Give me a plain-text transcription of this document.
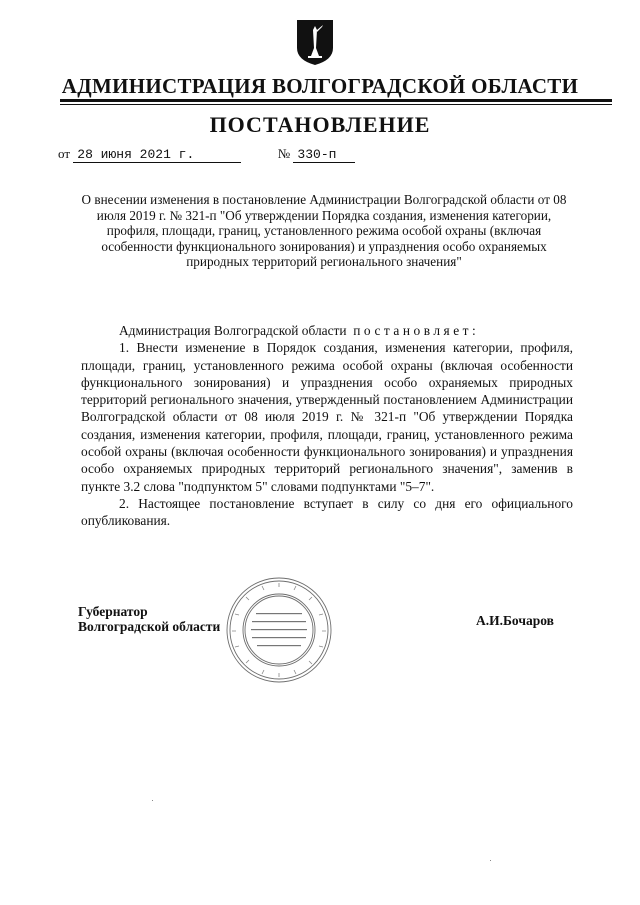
АДМИНИСТРАЦИЯ ВОЛГОГРАДСКОЙ ОБЛАСТИ
ПОСТАНОВЛЕНИЕ
от 28 июня 2021 г.	№ 330-п
О внесении изменения в постановление Администрации Волгоградской области от 08 июля 2019 г. № 321-п "Об утверждении Порядка создания, изменения категории, профиля, площади, границ, установленного режима особой охраны (включая особенности функционального зонирования) и упразднения особо охраняемых природных территорий регионального значения"

Администрация Волгоградской области постановляет:

1. Внести изменение в Порядок создания, изменения категории, профиля, площади, границ, установленного режима особой охраны (включая особенности функционального зонирования) и упразднения особо охраняемых природных территорий регионального значения, утвержденный постановлением Администрации Волгоградской области от 08 июля 2019 г. № 321-п "Об утверждении Порядка создания, изменения категории, профиля, площади, границ, установленного режима особой охраны (включая особенности функционального зонирования) и упразднения особо охраняемых природных территорий регионального значения", заменив в пункте 3.2 слова "подпунктом 5" словами подпунктами "5–7".

2. Настоящее постановление вступает в силу со дня его официального опубликования.

Губернатор
Волгоградской области	А.И.Бочаров
